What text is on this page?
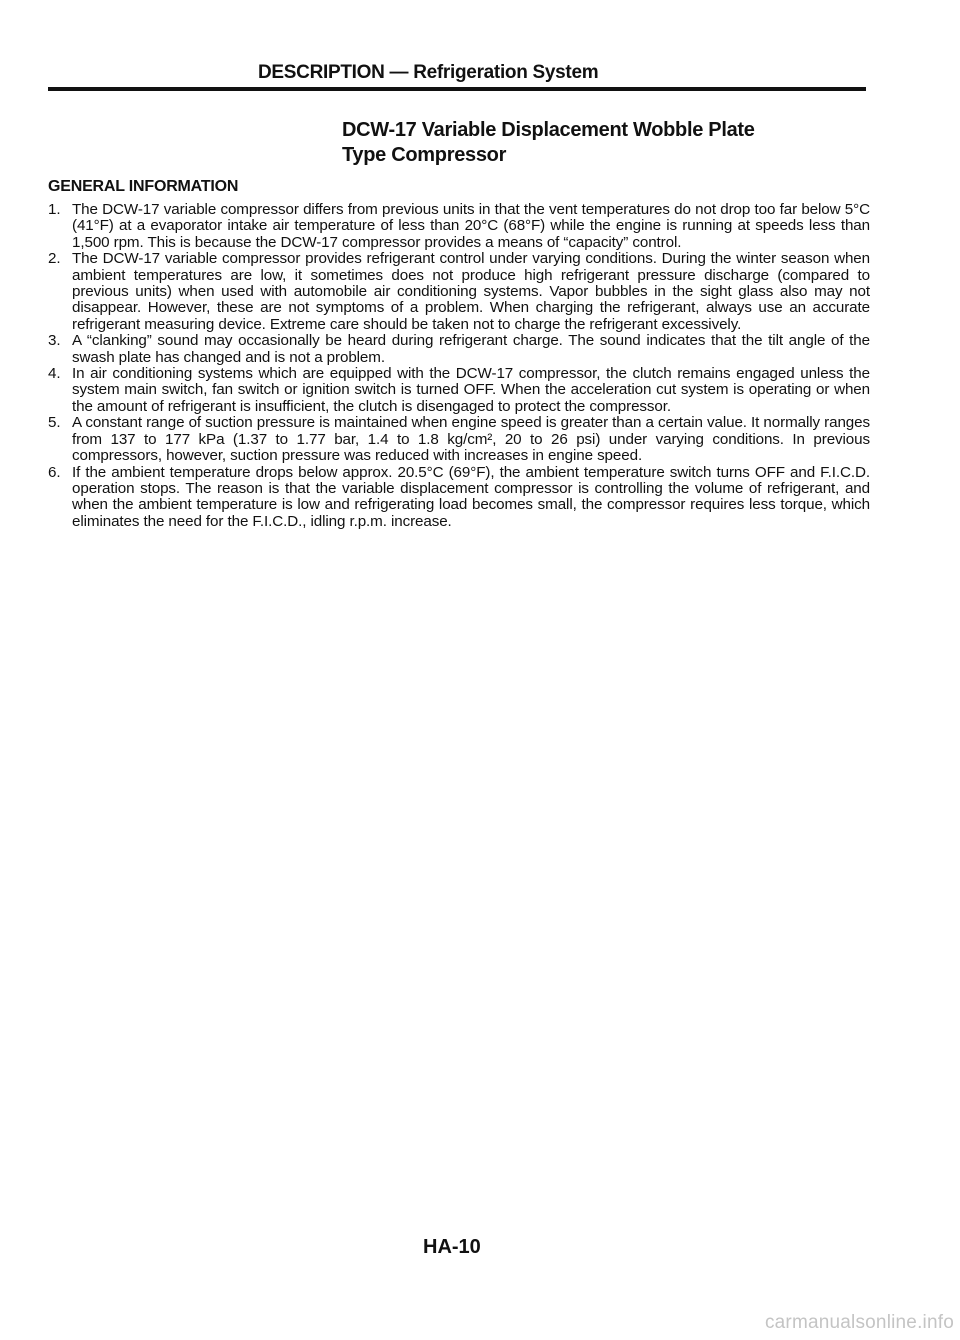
DESCRIPTION — Refrigeration System
DCW-17 Variable Displacement Wobble Plate
Type Compressor
GENERAL INFORMATION
1. The DCW-17 variable compressor differs from previous units in that the vent temperatures do not drop too far below 5°C (41°F) at a evaporator intake air temperature of less than 20°C (68°F) while the engine is running at speeds less than 1,500 rpm. This is because the DCW-17 compressor provides a means of “capacity” control.
2. The DCW-17 variable compressor provides refrigerant control under varying conditions. During the winter season when ambient temperatures are low, it sometimes does not produce high refrigerant pressure discharge (compared to previous units) when used with automobile air conditioning systems. Vapor bubbles in the sight glass also may not disappear. However, these are not symptoms of a problem. When charging the refrigerant, always use an accurate refrigerant measuring device. Extreme care should be taken not to charge the refrigerant excessively.
3. A “clanking” sound may occasionally be heard during refrigerant charge. The sound indicates that the tilt angle of the swash plate has changed and is not a problem.
4. In air conditioning systems which are equipped with the DCW-17 compressor, the clutch remains engaged unless the system main switch, fan switch or ignition switch is turned OFF. When the acceleration cut system is operating or when the amount of refrigerant is insufficient, the clutch is disengaged to protect the compressor.
5. A constant range of suction pressure is maintained when engine speed is greater than a certain value. It normally ranges from 137 to 177 kPa (1.37 to 1.77 bar, 1.4 to 1.8 kg/cm², 20 to 26 psi) under varying conditions. In previous compressors, however, suction pressure was reduced with increases in engine speed.
6. If the ambient temperature drops below approx. 20.5°C (69°F), the ambient temperature switch turns OFF and F.I.C.D. operation stops. The reason is that the variable displacement compressor is controlling the volume of refrigerant, and when the ambient temperature is low and refrigerating load becomes small, the compressor requires less torque, which eliminates the need for the F.I.C.D., idling r.p.m. increase.
HA-10
carmanualsonline.info
